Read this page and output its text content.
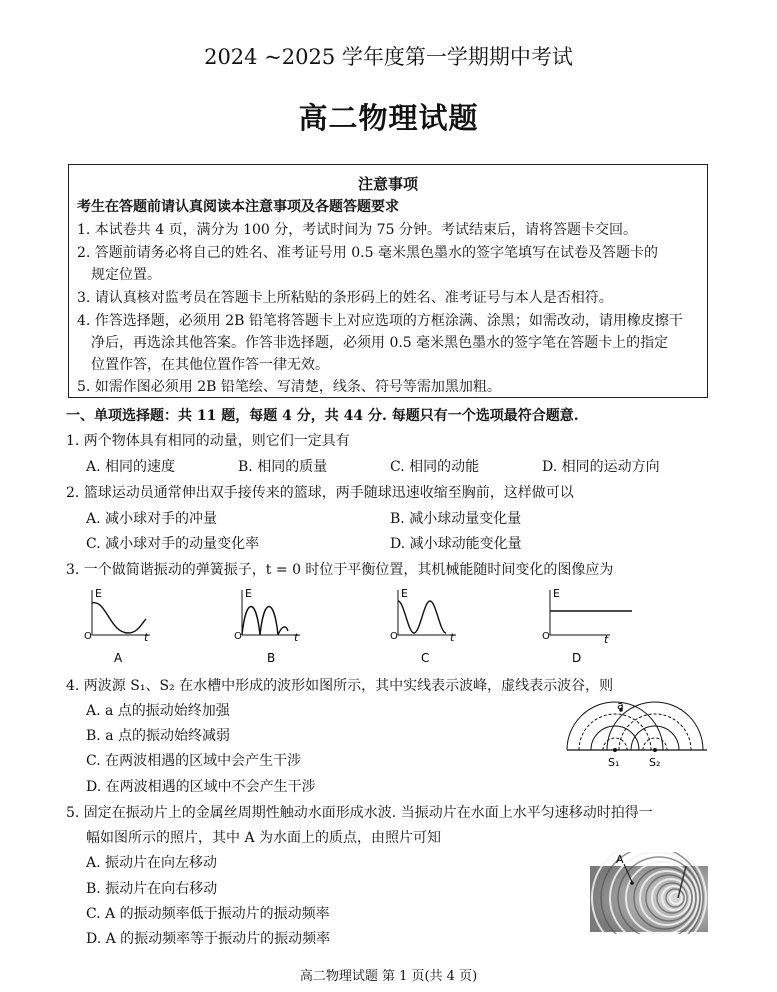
2024 ~2025 学年度第一学期期中考试
高二物理试题
注意事项
考生在答题前请认真阅读本注意事项及各题答题要求
1. 本试卷共 4 页，满分为 100 分，考试时间为 75 分钟。考试结束后，请将答题卡交回。
2. 答题前请务必将自己的姓名、准考证号用 0.5 毫米黑色墨水的签字笔填写在试卷及答题卡的
规定位置。
3. 请认真核对监考员在答题卡上所粘贴的条形码上的姓名、准考证号与本人是否相符。
4. 作答选择题，必须用 2B 铅笔将答题卡上对应选项的方框涂满、涂黑；如需改动，请用橡皮擦干
净后，再选涂其他答案。作答非选择题，必须用 0.5 毫米黑色墨水的签字笔在答题卡上的指定
位置作答，在其他位置作答一律无效。
5. 如需作图必须用 2B 铅笔绘、写清楚，线条、符号等需加黑加粗。
一、单项选择题：共 11 题，每题 4 分，共 44 分. 每题只有一个选项最符合题意.
1. 两个物体具有相同的动量，则它们一定具有
A. 相同的速度	B. 相同的质量	C. 相同的动能	D. 相同的运动方向
2. 篮球运动员通常伸出双手接传来的篮球，两手随球迅速收缩至胸前，这样做可以
A. 减小球对手的冲量	B. 减小球动量变化量
C. 减小球对手的动量变化率	D. 减小球动能变化量
3. 一个做简谐振动的弹簧振子，t = 0 时位于平衡位置，其机械能随时间变化的图像应为
E
t
O
A
E
t
O
B
E
t
O
C
E
t
O
D
4. 两波源 S₁、S₂ 在水槽中形成的波形如图所示，其中实线表示波峰，虚线表示波谷，则
A. a 点的振动始终加强
B. a 点的振动始终减弱
C. 在两波相遇的区域中会产生干涉
D. 在两波相遇的区域中不会产生干涉
a
S₁	S₂
5. 固定在振动片上的金属丝周期性触动水面形成水波. 当振动片在水面上水平匀速移动时拍得一
幅如图所示的照片，其中 A 为水面上的质点，由照片可知
A. 振动片在向左移动
B. 振动片在向右移动
C. A 的振动频率低于振动片的振动频率
D. A 的振动频率等于振动片的振动频率
A
高二物理试题 第 1 页(共 4 页)
